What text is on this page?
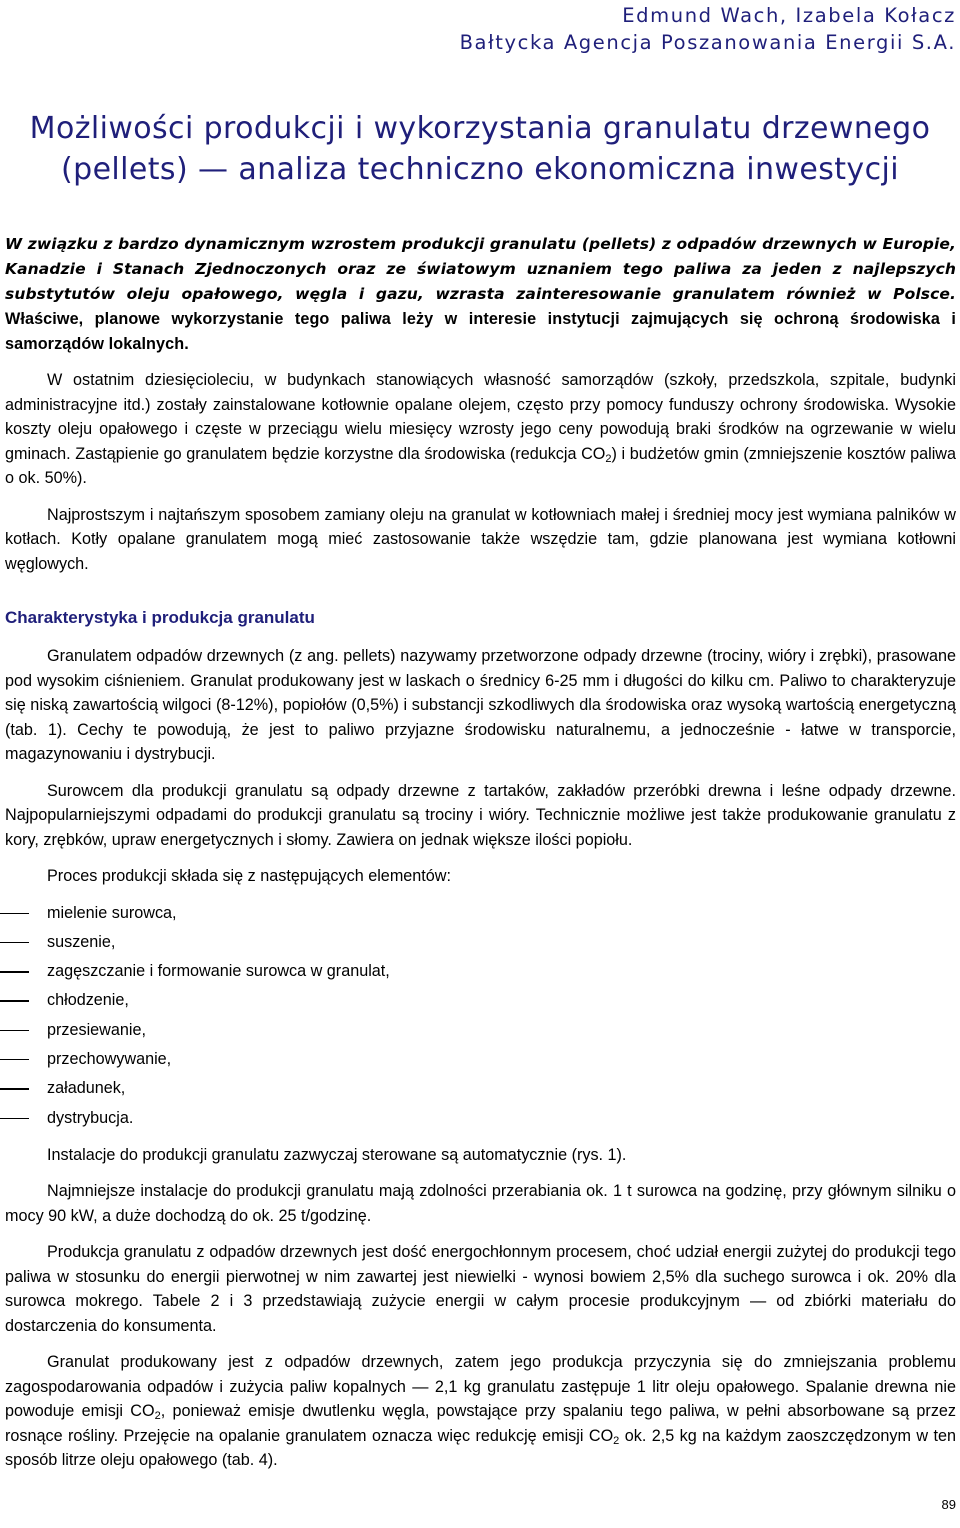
Edmund Wach, Izabela Kołacz
Bałtycka Agencja Poszanowania Energii S.A.
Możliwości produkcji i wykorzystania granulatu drzewnego
(pellets) — analiza techniczno ekonomiczna inwestycji

W związku z bardzo dynamicznym wzrostem produkcji granulatu (pellets) z odpadów drzewnych w Europie, Kanadzie i Stanach Zjednoczonych oraz ze światowym uznaniem tego paliwa za jeden z najlepszych substytutów oleju opałowego, węgla i gazu, wzrasta zainteresowanie granulatem również w Polsce. Właściwe, planowe wykorzystanie tego paliwa leży w interesie instytucji zajmujących się ochroną środowiska i samorządów lokalnych.

W ostatnim dziesięcioleciu, w budynkach stanowiących własność samorządów (szkoły, przedszkola, szpitale, budynki administracyjne itd.) zostały zainstalowane kotłownie opalane olejem, często przy pomocy funduszy ochrony środowiska. Wysokie koszty oleju opałowego i częste w przeciągu wielu miesięcy wzrosty jego ceny powodują braki środków na ogrzewanie w wielu gminach. Zastąpienie go granulatem będzie korzystne dla środowiska (redukcja $CO_2$) i budżetów gmin (zmniejszenie kosztów paliwa o ok. 50%).

Najprostszym i najtańszym sposobem zamiany oleju na granulat w kotłowniach małej i średniej mocy jest wymiana palników w kotłach. Kotły opalane granulatem mogą mieć zastosowanie także wszędzie tam, gdzie planowana jest wymiana kotłowni węglowych.

Charakterystyka i produkcja granulatu

Granulatem odpadów drzewnych (z ang. pellets) nazywamy przetworzone odpady drzewne (trociny, wióry i zrębki), prasowane pod wysokim ciśnieniem. Granulat produkowany jest w laskach o średnicy 6-25 mm i długości do kilku cm. Paliwo to charakteryzuje się niską zawartością wilgoci (8-12%), popiołów (0,5%) i substancji szkodliwych dla środowiska oraz wysoką wartością energetyczną (tab. 1). Cechy te powodują, że jest to paliwo przyjazne środowisku naturalnemu, a jednocześnie - łatwe w transporcie, magazynowaniu i dystrybucji.

Surowcem dla produkcji granulatu są odpady drzewne z tartaków, zakładów przeróbki drewna i leśne odpady drzewne. Najpopularniejszymi odpadami do produkcji granulatu są trociny i wióry. Technicznie możliwe jest także produkowanie granulatu z kory, zrębków, upraw energetycznych i słomy. Zawiera on jednak większe ilości popiołu.

Proces produkcji składa się z następujących elementów:

mielenie surowca,
suszenie,
zagęszczanie i formowanie surowca w granulat,
chłodzenie,
przesiewanie,
przechowywanie,
załadunek,
dystrybucja.

Instalacje do produkcji granulatu zazwyczaj sterowane są automatycznie (rys. 1).

Najmniejsze instalacje do produkcji granulatu mają zdolności przerabiania ok. 1 t surowca na godzinę, przy głównym silniku o mocy 90 kW, a duże dochodzą do ok. 25 t/godzinę.

Produkcja granulatu z odpadów drzewnych jest dość energochłonnym procesem, choć udział energii zużytej do produkcji tego paliwa w stosunku do energii pierwotnej w nim zawartej jest niewielki - wynosi bowiem 2,5% dla suchego surowca i ok. 20% dla surowca mokrego. Tabele 2 i 3 przedstawiają zużycie energii w całym procesie produkcyjnym — od zbiórki materiału do dostarczenia do konsumenta.

Granulat produkowany jest z odpadów drzewnych, zatem jego produkcja przyczynia się do zmniejszania problemu zagospodarowania odpadów i zużycia paliw kopalnych — 2,1 kg granulatu zastępuje 1 litr oleju opałowego. Spalanie drewna nie powoduje emisji $CO_2$, ponieważ emisje dwutlenku węgla, powstające przy spalaniu tego paliwa, w pełni absorbowane są przez rosnące rośliny. Przejęcie na opalanie granulatem oznacza więc redukcję emisji $CO_2$ ok. 2,5 kg na każdym zaoszczędzonym w ten sposób litrze oleju opałowego (tab. 4).

89
